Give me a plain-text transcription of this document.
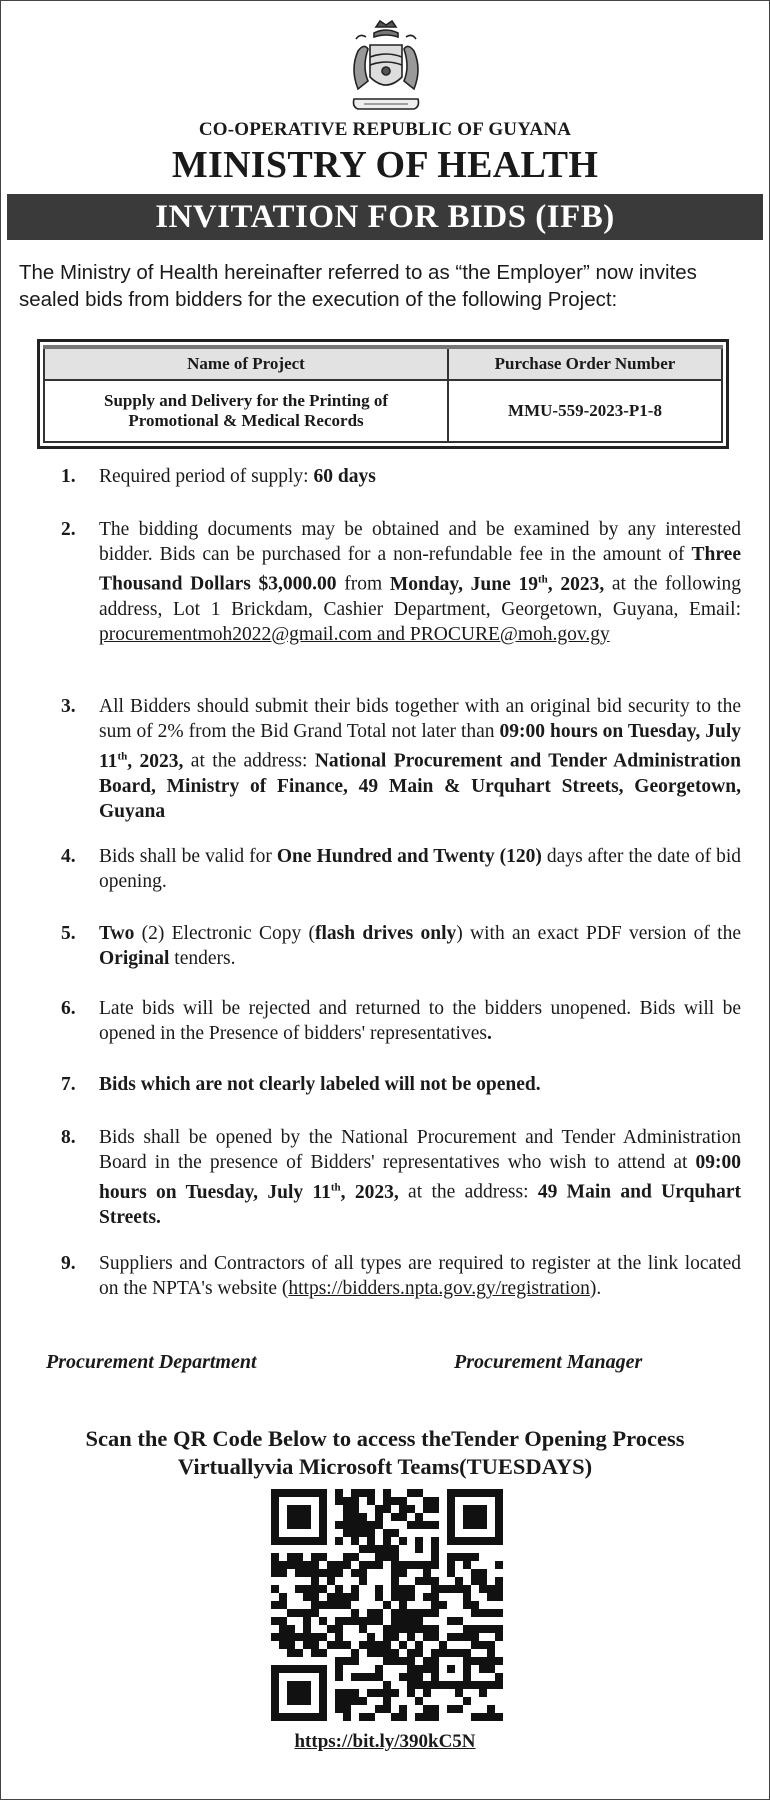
CO-OPERATIVE REPUBLIC OF GUYANA
MINISTRY OF HEALTH
INVITATION FOR BIDS (IFB)
The Ministry of Health hereinafter referred to as “the Employer” now invites sealed bids from bidders for the execution of the following Project:
Name of Project	Purchase Order Number

Supply and Delivery for the Printing of Promotional & Medical Records	MMU-559-2023-P1-8
1. Required period of supply: 60 days
2. The bidding documents may be obtained and be examined by any interested bidder. Bids can be purchased for a non-refundable fee in the amount of Three Thousand Dollars $3,000.00 from Monday, June 19th, 2023, at the following address, Lot 1 Brickdam, Cashier Department, Georgetown, Guyana, Email: procurementmoh2022@gmail.com and PROCURE@moh.gov.gy
3. All Bidders should submit their bids together with an original bid security to the sum of 2% from the Bid Grand Total not later than 09:00 hours on Tuesday, July 11th, 2023, at the address: National Procurement and Tender Administration Board, Ministry of Finance, 49 Main & Urquhart Streets, Georgetown, Guyana
4. Bids shall be valid for One Hundred and Twenty (120) days after the date of bid opening.
5. Two (2) Electronic Copy (flash drives only) with an exact PDF version of the Original tenders.
6. Late bids will be rejected and returned to the bidders unopened. Bids will be opened in the Presence of bidders' representatives.
7. Bids which are not clearly labeled will not be opened.
8. Bids shall be opened by the National Procurement and Tender Administration Board in the presence of Bidders' representatives who wish to attend at 09:00 hours on Tuesday, July 11th, 2023, at the address: 49 Main and Urquhart Streets.
9. Suppliers and Contractors of all types are required to register at the link located on the NPTA's website (https://bidders.npta.gov.gy/registration).
Procurement Department	Procurement Manager
Scan the QR Code Below to access theTender Opening Process
Virtuallyvia Microsoft Teams(TUESDAYS)
https://bit.ly/390kC5N
